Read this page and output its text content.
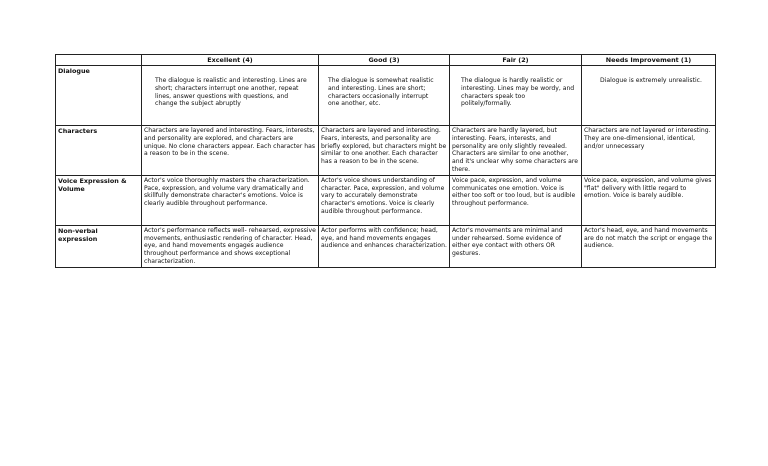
	Excellent (4)	Good (3)	Fair (2)	Needs Improvement (1)
Dialogue	The dialogue is realistic and interesting. Lines are short; characters interrupt one another, repeat lines, answer questions with questions, and change the subject abruptly	The dialogue is somewhat realistic and interesting. Lines are short; characters occasionally interrupt one another, etc.	The dialogue is hardly realistic or interesting. Lines may be wordy, and characters speak too politely/formally.	Dialogue is extremely unrealistic.
Characters	Characters are layered and interesting. Fears, interests, and personality are explored, and characters are unique. No clone characters appear. Each character has a reason to be in the scene.	Characters are layered and interesting. Fears, interests, and personality are briefly explored, but characters might be similar to one another. Each character has a reason to be in the scene.	Characters are hardly layered, but interesting. Fears, interests, and personality are only slightly revealed. Characters are similar to one another, and it's unclear why some characters are there.	Characters are not layered or interesting. They are one-dimensional, identical, and/or unnecessary
Voice Expression & Volume	Actor's voice thoroughly masters the characterization. Pace, expression, and volume vary dramatically and skillfully demonstrate character's emotions. Voice is clearly audible throughout performance.	Actor's voice shows understanding of character. Pace, expression, and volume vary to accurately demonstrate character's emotions. Voice is clearly audible throughout performance.	Voice pace, expression, and volume communicates one emotion. Voice is either too soft or too loud, but is audible throughout performance.	Voice pace, expression, and volume gives "flat" delivery with little regard to emotion. Voice is barely audible.
Non-verbal expression	Actor's performance reflects well- rehearsed, expressive movements, enthusiastic rendering of character. Head, eye, and hand movements engages audience throughout performance and shows exceptional characterization.	Actor performs with confidence; head, eye, and hand movements engages audience and enhances characterization.	Actor's movements are minimal and under rehearsed. Some evidence of either eye contact with others OR gestures.	Actor's head, eye, and hand movements are do not match the script or engage the audience.
